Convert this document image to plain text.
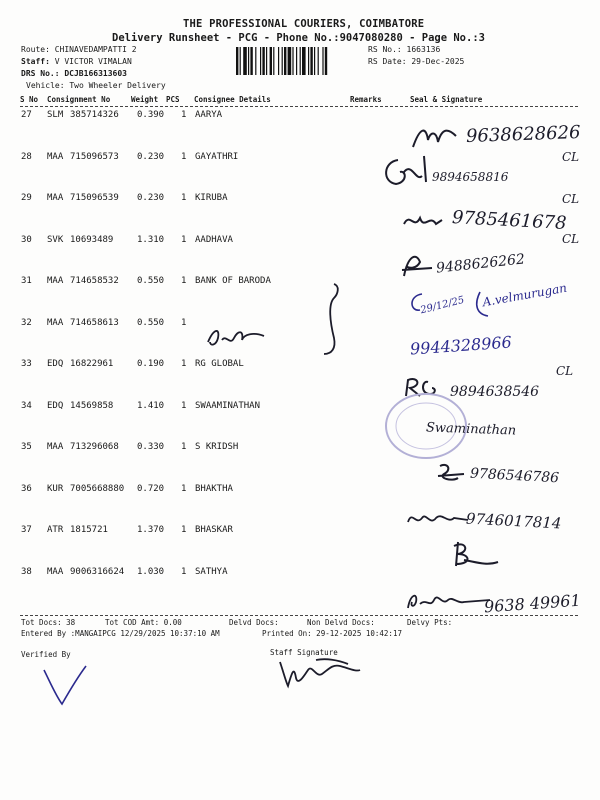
THE PROFESSIONAL COURIERS, COIMBATORE
Delivery Runsheet - PCG - Phone No.:9047080280 - Page No.:3
Route: CHINAVEDAMPATTI 2
Staff: V VICTOR VIMALAN
DRS No.: DCJB166313603
Vehicle: Two Wheeler Delivery
RS No.: 1663136
RS Date: 29-Dec-2025
S No Consignment No	Weight PCS Consignee Details	Remarks	Seal & Signature
27 SLM 385714326 0.390 1 AARYA
28 MAA 715096573 0.230 1 GAYATHRI
29 MAA 715096539 0.230 1 KIRUBA
30 SVK 10693489	1.310 1 AADHAVA
31 MAA 714658532 0.550 1 BANK OF BARODA
32 MAA 714658613 0.550 1
33 EDQ 16822961	0.190 1 RG GLOBAL
34 EDQ 14569858	1.410 1 SWAAMINATHAN
35 MAA 713296068 0.330 1 S KRIDSH
36 KUR 7005668880 0.720 1 BHAKTHA
37 ATR 1815721	1.370 1 BHASKAR
38 MAA 9006316624 1.030 1 SATHYA
9638628626
CL
9894658816
CL
9785461678
CL
9488626262
29/12/25 A.velmurugan
9944328966
CL
9894638546
Swaminathan
9786546786
9746017814
9638 49961
Tot Docs: 38	Tot COD Amt: 0.00	Delvd Docs:	Non Delvd Docs:	Delvy Pts:
Entered By :MANGAIPCG 12/29/2025 10:37:10 AM	Printed On: 29-12-2025 10:42:17
Verified By	Staff Signature
